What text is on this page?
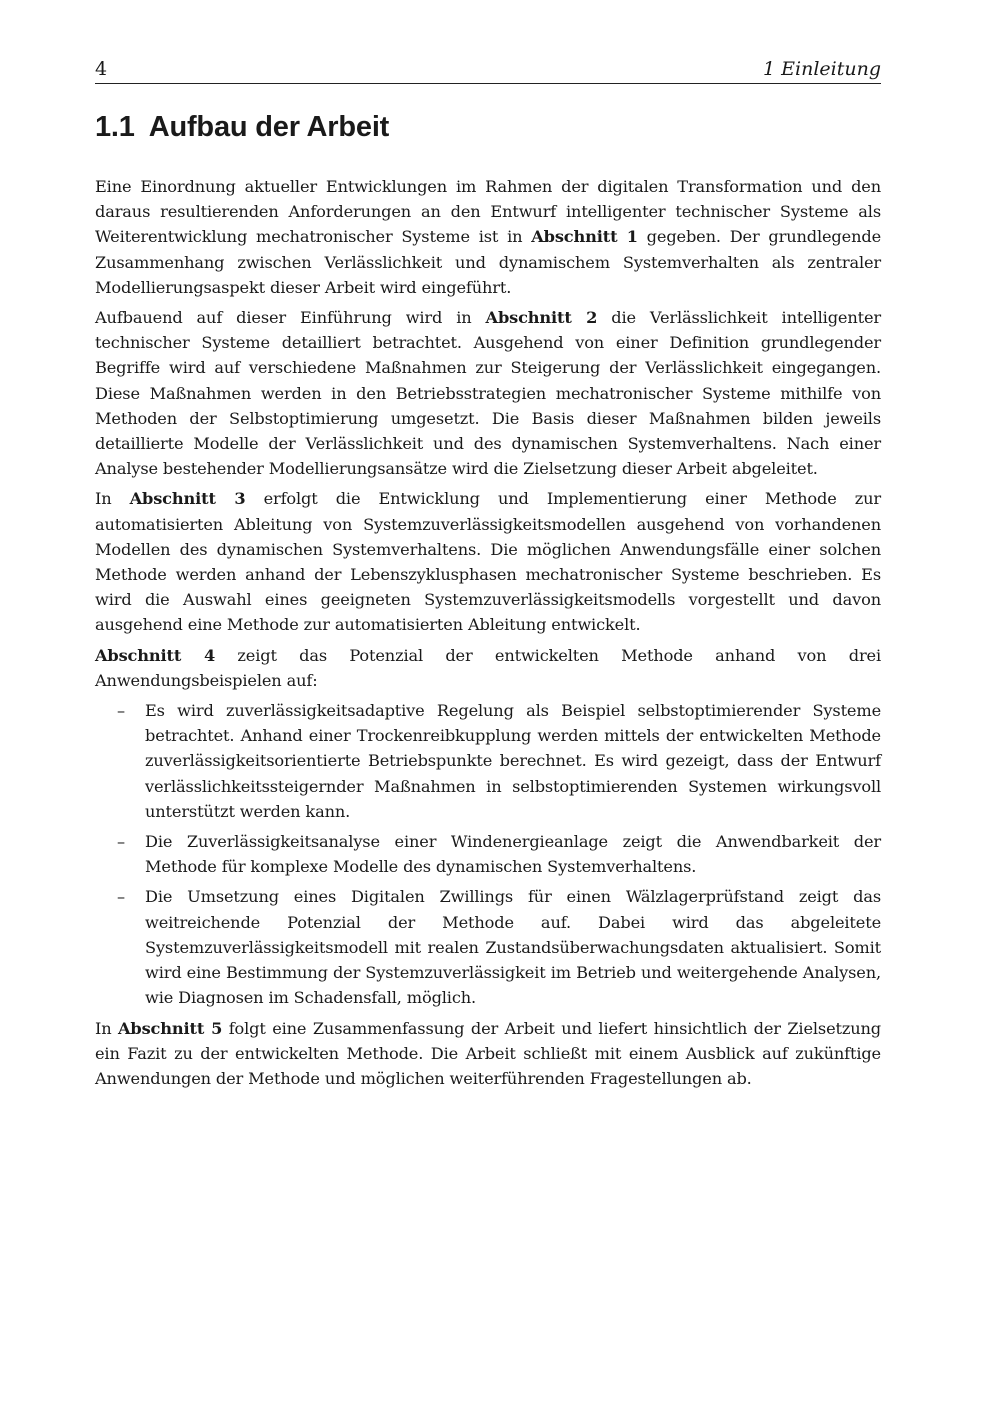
4	1 Einleitung
1.1 Aufbau der Arbeit

Eine Einordnung aktueller Entwicklungen im Rahmen der digitalen Transformation und den daraus resultierenden Anforderungen an den Entwurf intelligenter technischer Systeme als Weiterentwicklung mechatronischer Systeme ist in Abschnitt 1 gegeben. Der grundlegende Zusammenhang zwischen Verlässlichkeit und dynamischem Systemverhalten als zentraler Modellierungsaspekt dieser Arbeit wird eingeführt.

Aufbauend auf dieser Einführung wird in Abschnitt 2 die Verlässlichkeit intelligenter technischer Systeme detailliert betrachtet. Ausgehend von einer Definition grundlegender Begriffe wird auf verschiedene Maßnahmen zur Steigerung der Verlässlichkeit eingegangen. Diese Maßnahmen werden in den Betriebsstrategien mechatronischer Systeme mithilfe von Methoden der Selbstoptimierung umgesetzt. Die Basis dieser Maßnahmen bilden jeweils detaillierte Modelle der Verlässlichkeit und des dynamischen Systemverhaltens. Nach einer Analyse bestehender Modellierungsansätze wird die Zielsetzung dieser Arbeit abgeleitet.

In Abschnitt 3 erfolgt die Entwicklung und Implementierung einer Methode zur automatisierten Ableitung von Systemzuverlässigkeitsmodellen ausgehend von vorhandenen Modellen des dynamischen Systemverhaltens. Die möglichen Anwendungsfälle einer solchen Methode werden anhand der Lebenszyklusphasen mechatronischer Systeme beschrieben. Es wird die Auswahl eines geeigneten Systemzuverlässigkeitsmodells vorgestellt und davon ausgehend eine Methode zur automatisierten Ableitung entwickelt.

Abschnitt 4 zeigt das Potenzial der entwickelten Methode anhand von drei Anwendungsbeispielen auf:

– Es wird zuverlässigkeitsadaptive Regelung als Beispiel selbstoptimierender Systeme betrachtet. Anhand einer Trockenreibkupplung werden mittels der entwickelten Methode zuverlässigkeitsorientierte Betriebspunkte berechnet. Es wird gezeigt, dass der Entwurf verlässlichkeitssteigernder Maßnahmen in selbstoptimierenden Systemen wirkungsvoll unterstützt werden kann.
– Die Zuverlässigkeitsanalyse einer Windenergieanlage zeigt die Anwendbarkeit der Methode für komplexe Modelle des dynamischen Systemverhaltens.
– Die Umsetzung eines Digitalen Zwillings für einen Wälzlagerprüfstand zeigt das weitreichende Potenzial der Methode auf. Dabei wird das abgeleitete Systemzuverlässigkeitsmodell mit realen Zustandsüberwachungsdaten aktualisiert. Somit wird eine Bestimmung der Systemzuverlässigkeit im Betrieb und weitergehende Analysen, wie Diagnosen im Schadensfall, möglich.

In Abschnitt 5 folgt eine Zusammenfassung der Arbeit und liefert hinsichtlich der Zielsetzung ein Fazit zu der entwickelten Methode. Die Arbeit schließt mit einem Ausblick auf zukünftige Anwendungen der Methode und möglichen weiterführenden Fragestellungen ab.
